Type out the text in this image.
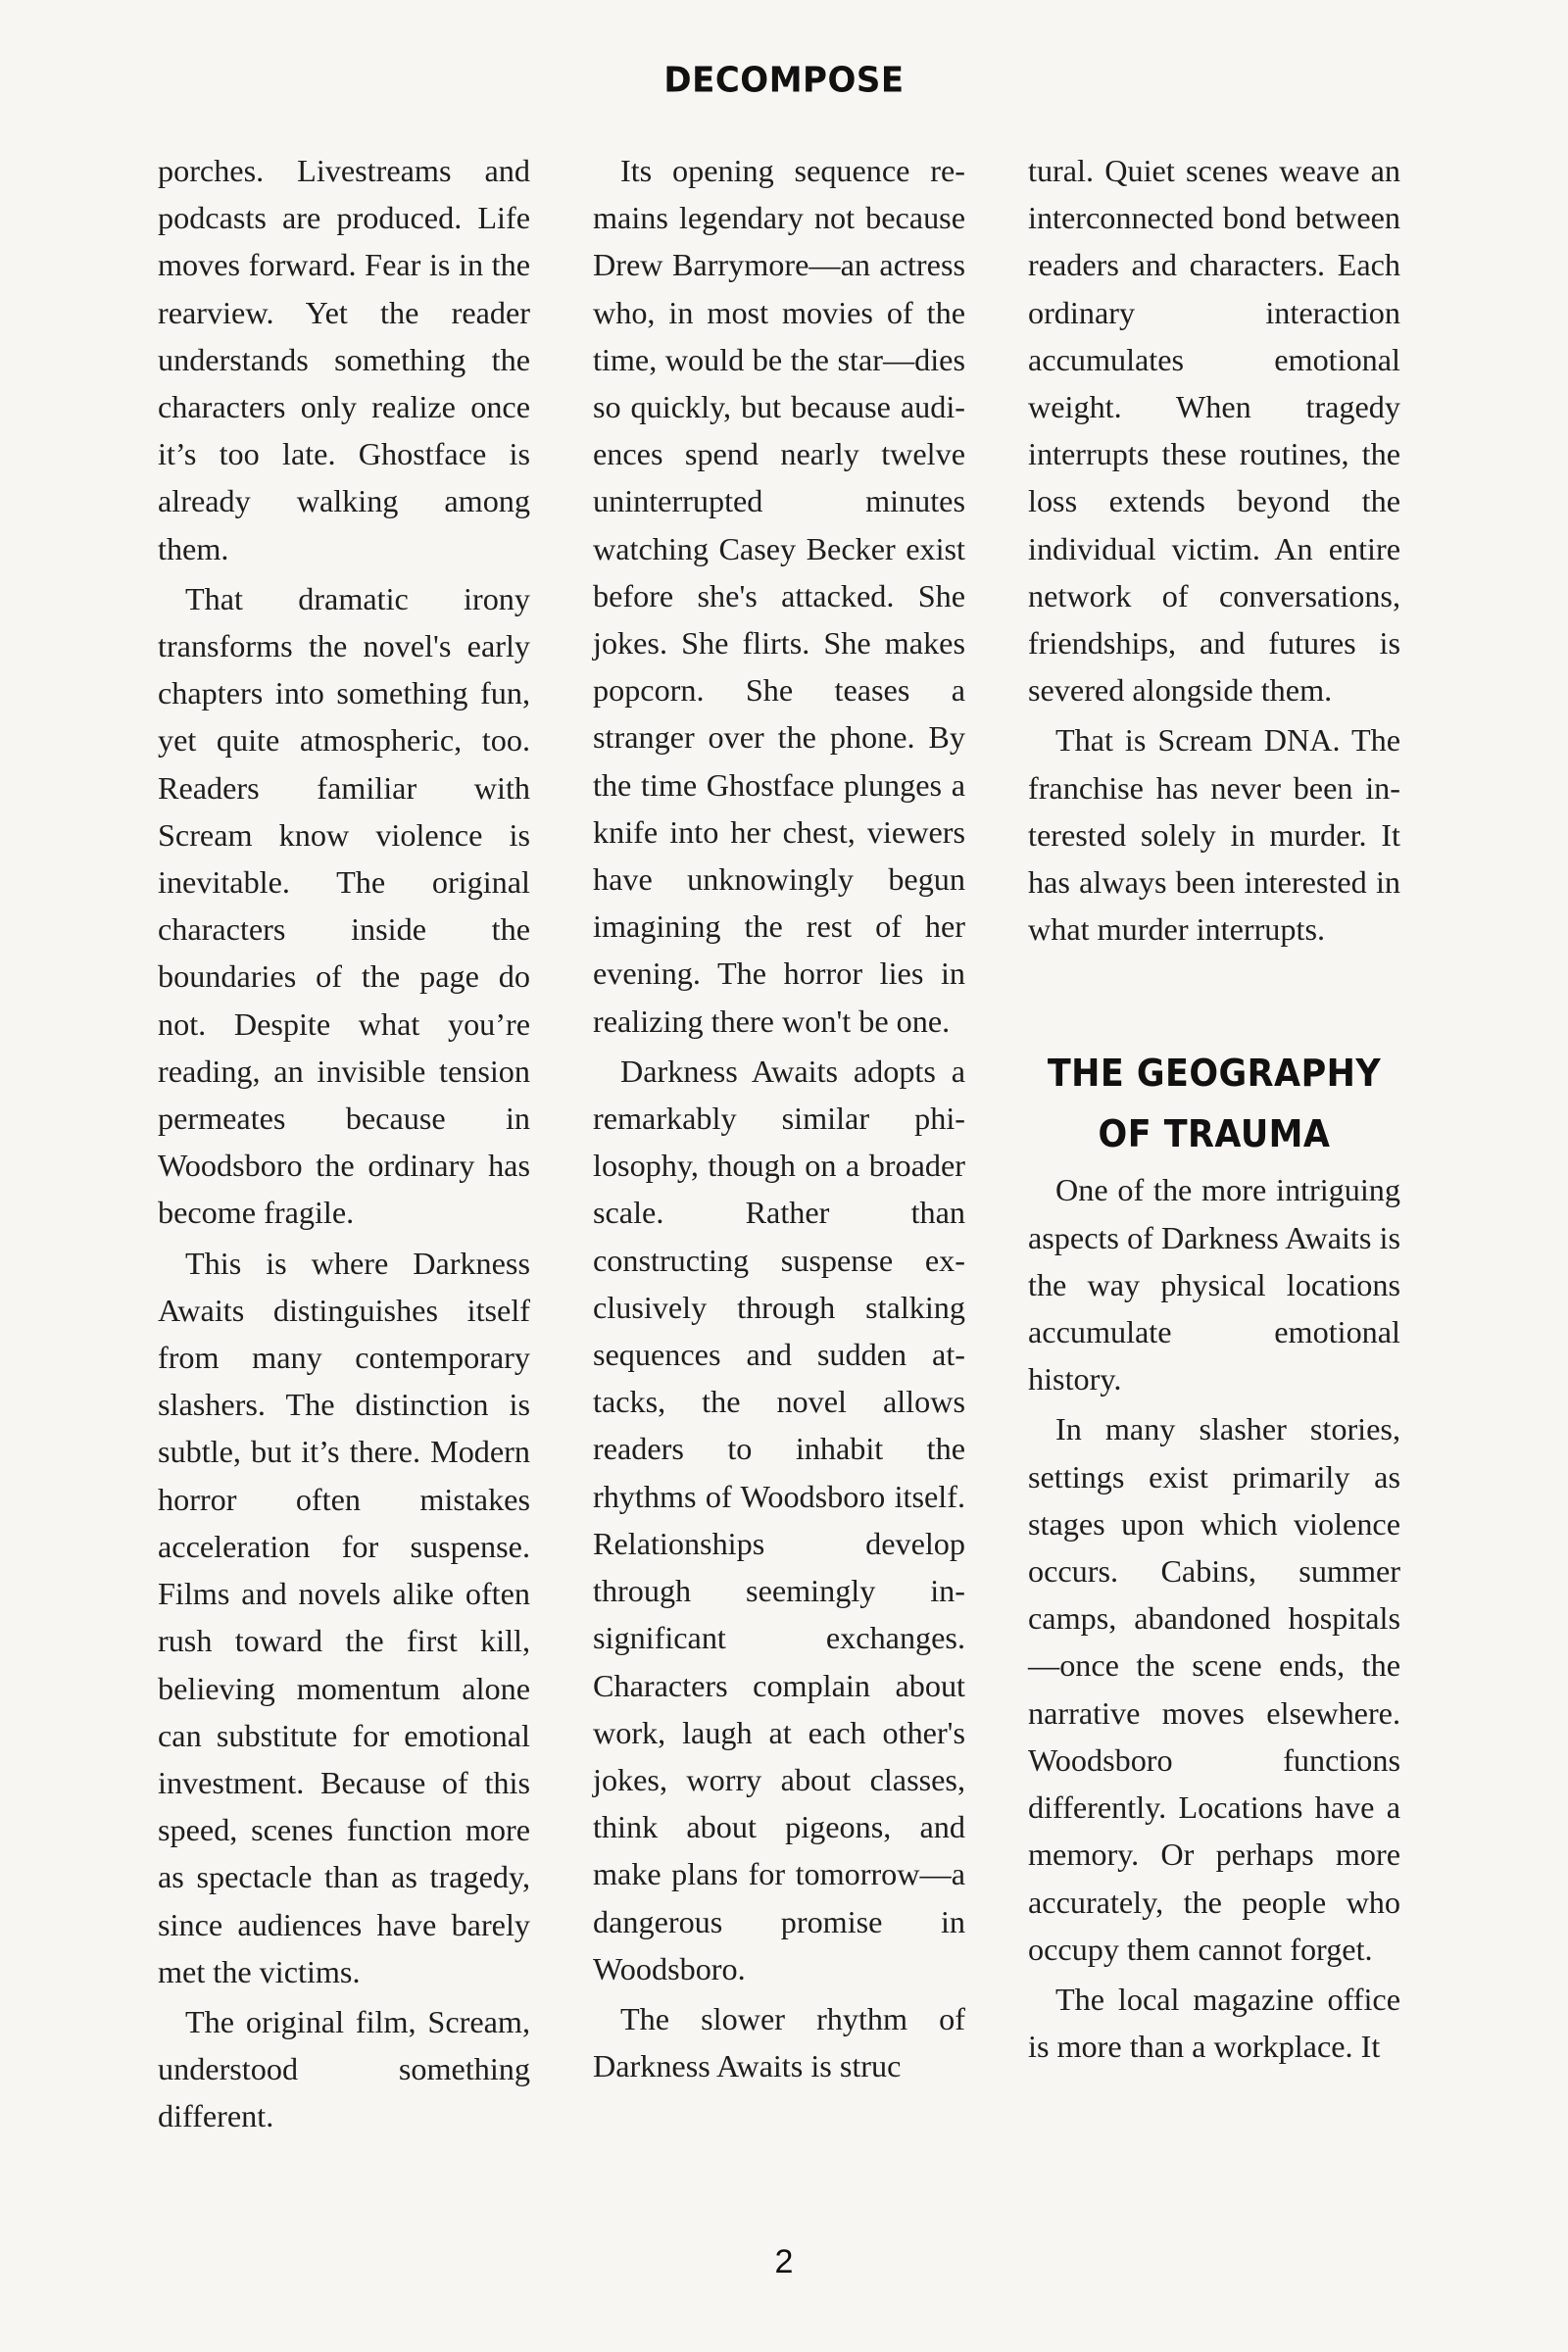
DECOMPOSE

porches. Livestreams and podcasts are produced. Life moves forward. Fear is in the rearview. Yet the reader understands something the characters only realize once it’s too late. Ghostface is already walking among them.

That dramatic irony transforms the novel's early chapters into something fun, yet quite atmospheric, too. Readers familiar with Scream know violence is inevitable. The original characters inside the boundaries of the page do not. Despite what you’re reading, an invisible tension permeates because in Woodsboro the ordinary has become fragile.

This is where Darkness Awaits distinguishes itself from many contemporary slashers. The distinction is subtle, but it’s there. Modern horror often mistakes acceleration for suspense. Films and novels alike often rush toward the first kill, believing momentum alone can substitute for emotional investment. Because of this speed, scenes function more as spectacle than as tragedy, since audiences have barely met the victims.

The original film, Scream, understood something different.

Its opening sequence remains legendary not because Drew Barrymore—an actress who, in most movies of the time, would be the star—dies so quickly, but because audiences spend nearly twelve uninterrupted minutes watching Casey Becker exist before she's attacked. She jokes. She flirts. She makes popcorn. She teases a stranger over the phone. By the time Ghostface plunges a knife into her chest, viewers have unknowingly begun imagining the rest of her evening. The horror lies in realizing there won't be one.

Darkness Awaits adopts a remarkably similar philosophy, though on a broader scale. Rather than constructing suspense exclusively through stalking sequences and sudden attacks, the novel allows readers to inhabit the rhythms of Woodsboro itself. Relationships develop through seemingly insignificant exchanges. Characters complain about work, laugh at each other's jokes, worry about classes, think about pigeons, and make plans for tomorrow—a dangerous promise in Woodsboro.

The slower rhythm of Darkness Awaits is struc

tural. Quiet scenes weave an interconnected bond between readers and characters. Each ordinary interaction accumulates emotional weight. When tragedy interrupts these routines, the loss extends beyond the individual victim. An entire network of conversations, friendships, and futures is severed alongside them.

That is Scream DNA. The franchise has never been interested solely in murder. It has always been interested in what murder interrupts.

THE GEOGRAPHY OF TRAUMA

One of the more intriguing aspects of Darkness Awaits is the way physical locations accumulate emotional history.

In many slasher stories, settings exist primarily as stages upon which violence occurs. Cabins, summer camps, abandoned hospitals—once the scene ends, the narrative moves elsewhere. Woodsboro functions differently. Locations have a memory. Or perhaps more accurately, the people who occupy them cannot forget.

The local magazine office is more than a workplace. It

2
